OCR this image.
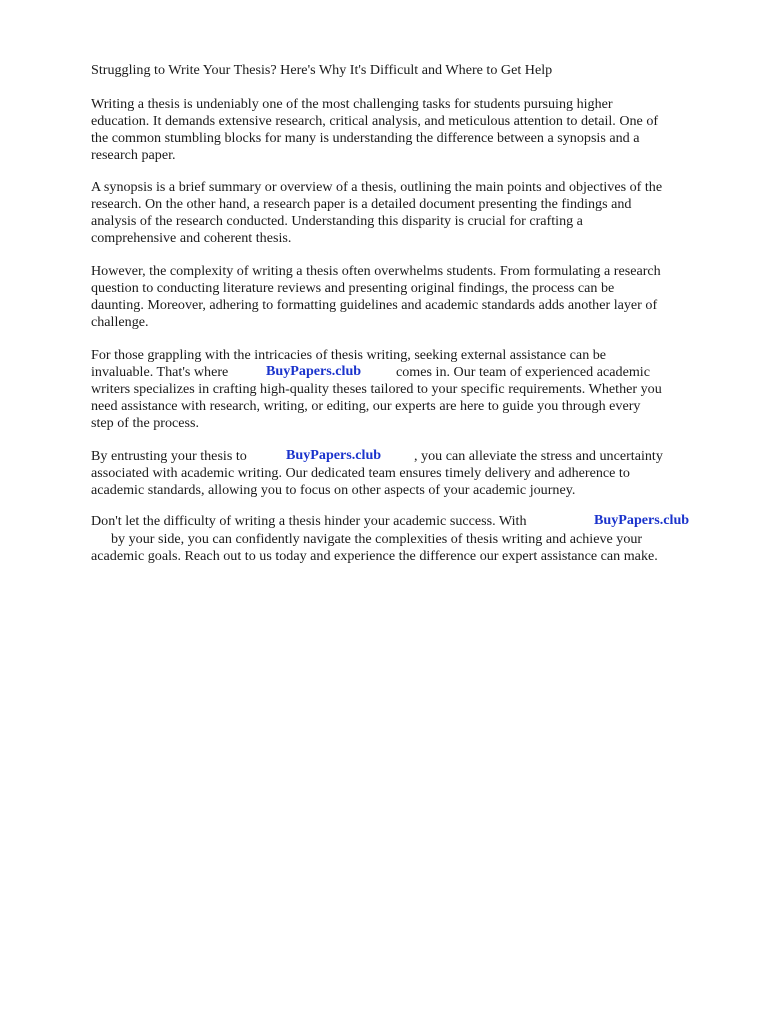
Struggling to Write Your Thesis? Here's Why It's Difficult and Where to Get Help
Writing a thesis is undeniably one of the most challenging tasks for students pursuing higher
education. It demands extensive research, critical analysis, and meticulous attention to detail. One of
the common stumbling blocks for many is understanding the difference between a synopsis and a
research paper.
A synopsis is a brief summary or overview of a thesis, outlining the main points and objectives of the
research. On the other hand, a research paper is a detailed document presenting the findings and
analysis of the research conducted. Understanding this disparity is crucial for crafting a
comprehensive and coherent thesis.
However, the complexity of writing a thesis often overwhelms students. From formulating a research
question to conducting literature reviews and presenting original findings, the process can be
daunting. Moreover, adhering to formatting guidelines and academic standards adds another layer of
challenge.
For those grappling with the intricacies of thesis writing, seeking external assistance can be
invaluable. That's where	BuyPapers.club comes in. Our team of experienced academic
writers specializes in crafting high-quality theses tailored to your specific requirements. Whether you
need assistance with research, writing, or editing, our experts are here to guide you through every
step of the process.
By entrusting your thesis to	BuyPapers.club , you can alleviate the stress and uncertainty
associated with academic writing. Our dedicated team ensures timely delivery and adherence to
academic standards, allowing you to focus on other aspects of your academic journey.
Don't let the difficulty of writing a thesis hinder your academic success. With	BuyPapers.club
by your side, you can confidently navigate the complexities of thesis writing and achieve your
academic goals. Reach out to us today and experience the difference our expert assistance can make.
